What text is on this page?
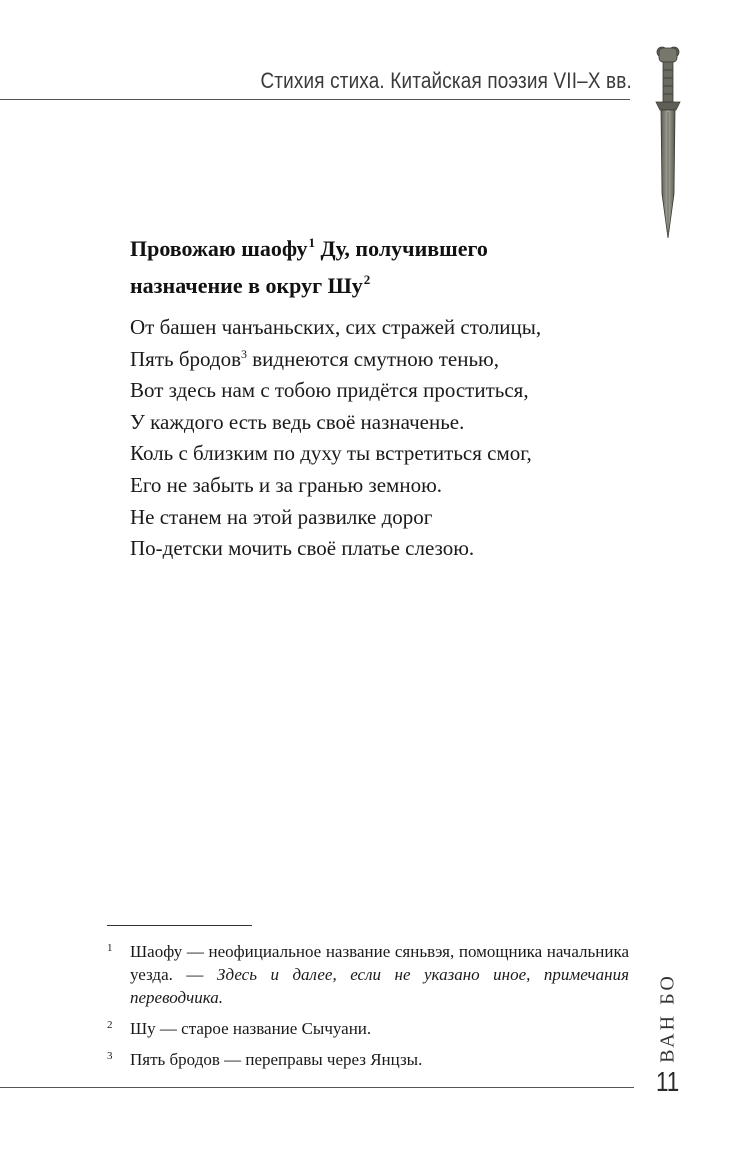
Стихия стиха. Китайская поэзия VII–X вв.
Провожаю шаофу$^1$ Ду, получившего
назначение в округ $Шу^2$
От башен чанъаньских, сих стражей столицы,
Пять бродов$^3$ виднеются смутною тенью,
Вот здесь нам с тобою придётся проститься,
У каждого есть ведь своё назначенье.
Коль с близким по духу ты встретиться смог,
Его не забыть и за гранью земною.
Не станем на этой развилке дорог
По-детски мочить своё платье слезою.
1 Шаофу — неофициальное название сяньвэя, помощника начальника уезда. — Здесь и далее, если не указано иное, примечания переводчика.
2 Шу — старое название Сычуани.
3 Пять бродов — переправы через Янцзы.	ВАН БО
11
